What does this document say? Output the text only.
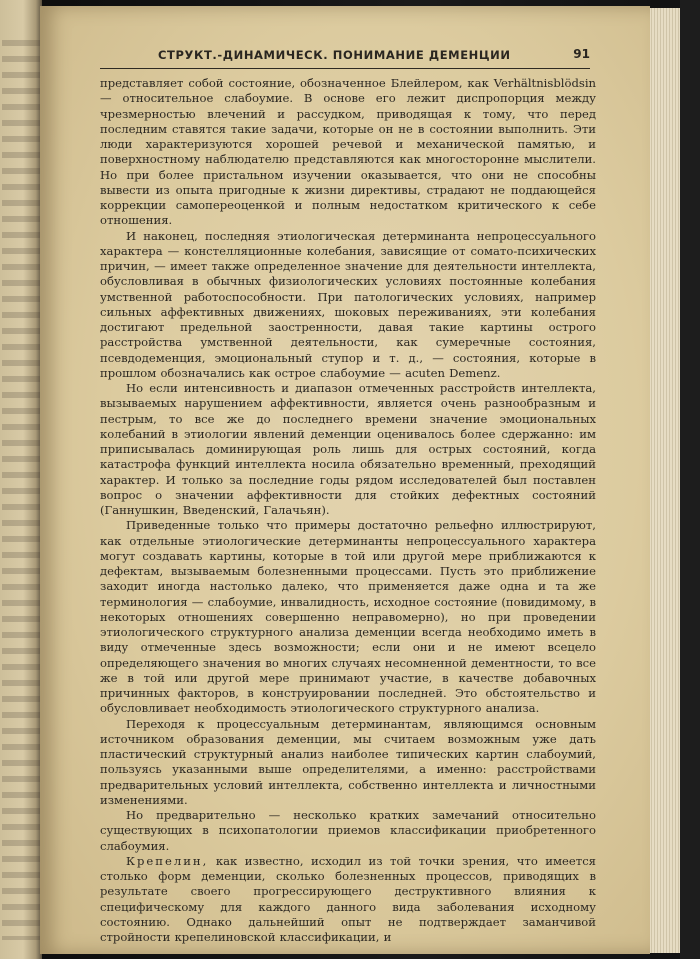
СТРУКТ.-ДИНАМИЧЕСК. ПОНИМАНИЕ ДЕМЕНЦИИ	91

представляет собой состояние, обозначенное Блейлером, как Verhältnisblödsin — относительное слабоумие. В основе его лежит диспропорция между чрезмерностью влечений и рассудком, приводящая к тому, что перед последним ставятся такие задачи, которые он не в состоянии выполнить. Эти люди характеризуются хорошей речевой и механической памятью, и поверхностному наблюдателю представляются как многосторонне мыслители. Но при более пристальном изучении оказывается, что они не способны вывести из опыта пригодные к жизни директивы, страдают не поддающейся коррекции самопереоценкой и полным недостатком критического к себе отношения.

И наконец, последняя этиологическая детерминанта непроцессуального характера — констелляционные колебания, зависящие от сомато-психических причин, — имеет также определенное значение для деятельности интеллекта, обусловливая в обычных физиологических условиях постоянные колебания умственной работоспособности. При патологических условиях, например сильных аффективных движениях, шоковых переживаниях, эти колебания достигают предельной заостренности, давая такие картины острого расстройства умственной деятельности, как сумеречные состояния, псевдодеменция, эмоциональный ступор и т. д., — состояния, которые в прошлом обозначались как острое слабоумие — acuten Demenz.

Но если интенсивность и диапазон отмеченных расстройств интеллекта, вызываемых нарушением аффективности, является очень разнообразным и пестрым, то все же до последнего времени значение эмоциональных колебаний в этиологии явлений деменции оценивалось более сдержанно: им приписывалась доминирующая роль лишь для острых состояний, когда катастрофа функций интеллекта носила обязательно временный, преходящий характер. И только за последние годы рядом исследователей был поставлен вопрос о значении аффективности для стойких дефектных состояний (Ганнушкин, Введенский, Галачьян).

Приведенные только что примеры достаточно рельефно иллюстрируют, как отдельные этиологические детерминанты непроцессуального характера могут создавать картины, которые в той или другой мере приближаются к дефектам, вызываемым болезненными процессами. Пусть это приближение заходит иногда настолько далеко, что применяется даже одна и та же терминология — слабоумие, инвалидность, исходное состояние (повидимому, в некоторых отношениях совершенно неправомерно), но при проведении этиологического структурного анализа деменции всегда необходимо иметь в виду отмеченные здесь возможности; если они и не имеют всецело определяющего значения во многих случаях несомненной дементности, то все же в той или другой мере принимают участие, в качестве добавочных причинных факторов, в конструировании последней. Это обстоятельство и обусловливает необходимость этиологического структурного анализа.

Переходя к процессуальным детерминантам, являющимся основным источником образования деменции, мы считаем возможным уже дать пластический структурный анализ наиболее типических картин слабоумий, пользуясь указанными выше определителями, а именно: расстройствами предварительных условий интеллекта, собственно интеллекта и личностными изменениями.

Но предварительно — несколько кратких замечаний относительно существующих в психопатологии приемов классификации приобретенного слабоумия.

Крепелин, как известно, исходил из той точки зрения, что имеется столько форм деменции, сколько болезненных процессов, приводящих в результате своего прогрессирующего деструктивного влияния к специфическому для каждого данного вида заболевания исходному состоянию. Однако дальнейший опыт не подтверждает заманчивой стройности крепелиновской классификации, и
